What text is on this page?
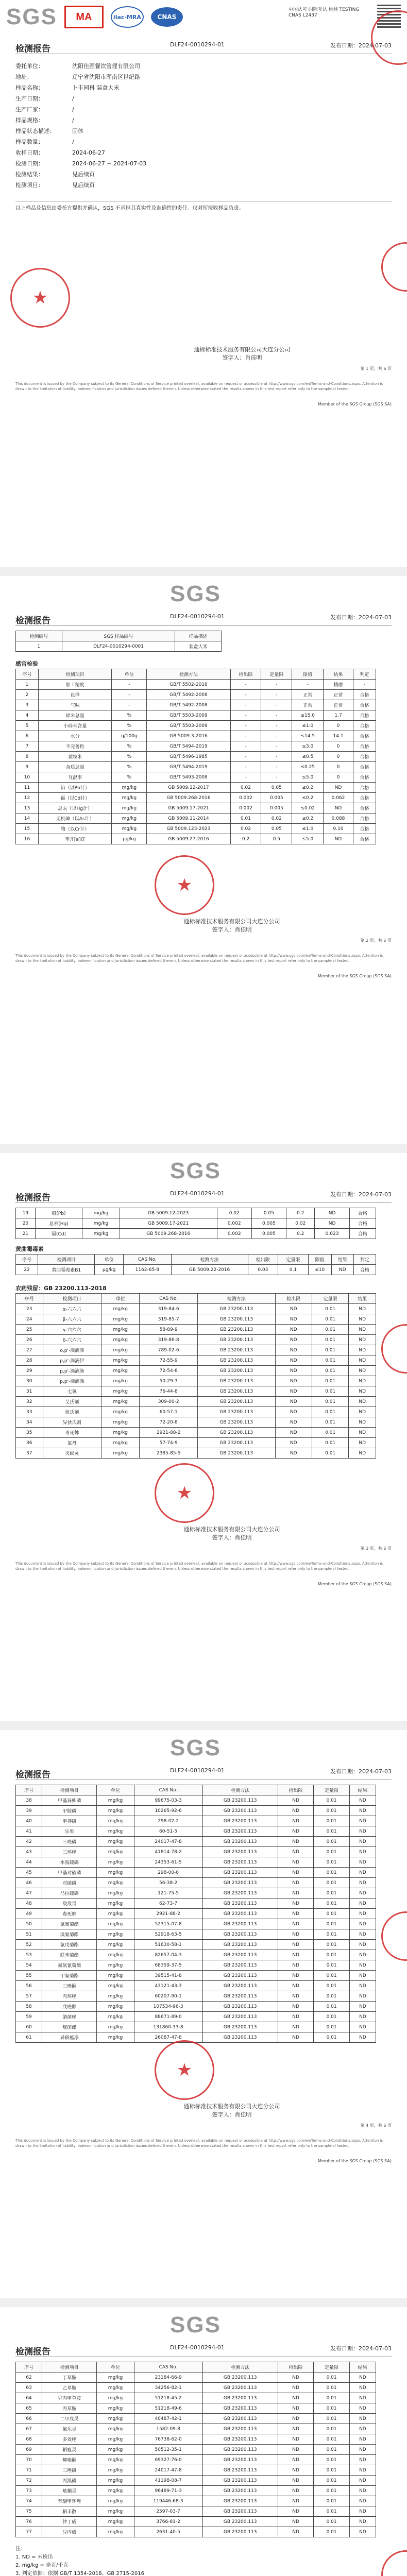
SGS	MA	ilac-MRA	CNAS
中国认可 国际互认 检测 TESTING CNAS L2437
检测报告	DLF24-0010294-01	发布日期：2024-07-03
委托单位：	沈阳佳源餐饮管理有限公司
地址：	辽宁省沈阳市浑南区世纪路
样品名称：	卜丰园科 装盒大米
生产日期：	/
生产厂家：	/
样品规格：	/
样品状态描述：	固体
样品数量：	/
收样日期：	2024-06-27
检测日期：	2024-06-27 ~ 2024-07-03
检测结果：	见后续页
检测项目：	见后续页
以上样品及信息由委托方提供并确认，SGS 不承担其真实性及准确性的责任。仅对所接收样品负责。
★
通标标准技术服务有限公司大连分公司
签字人：肖佳明
第 1 页，共 6 页
This document is issued by the Company subject to its General Conditions of Service printed overleaf, available on request or accessible at http://www.sgs.com/en/Terms-and-Conditions.aspx. Attention is drawn to the limitation of liability, indemnification and jurisdiction issues defined therein. Unless otherwise stated the results shown in this test report refer only to the sample(s) tested.
Member of the SGS Group (SGS SA)
SGS
检测报告	DLF24-0010294-01	发布日期：2024-07-03
检测编号	SGS 样品编号	样品描述
1	DLF24-0010294-0001	装盒大米
感官检验
序号	检测项目	单位	检测方法	检出限	定量限	限值	结果	判定
1	加工精度	-	GB/T 5502-2018	-	-	-	精磨	-
2	色泽	-	GB/T 5492-2008	-	-	正常	正常	合格
3	气味	-	GB/T 5492-2008	-	-	正常	正常	合格
4	碎米总量	%	GB/T 5503-2009	-	-	≤15.0	1.7	合格
5	小碎米含量	%	GB/T 5503-2009	-	-	≤1.0	0	合格
6	水分	g/100g	GB 5009.3-2016	-	-	≤14.5	14.1	合格
7	不完善粒	%	GB/T 5494-2019	-	-	≤3.0	0	合格
8	黄粒米	%	GB/T 5496-1985	-	-	≤0.5	0	合格
9	杂质总量	%	GB/T 5494-2019	-	-	≤0.25	0	合格
10	互混率	%	GB/T 5493-2008	-	-	≤5.0	0	合格
11	铅（以Pb计）	mg/kg	GB 5009.12-2017	0.02	0.05	≤0.2	ND	合格
12	镉（以Cd计）	mg/kg	GB 5009.268-2016	0.002	0.005	≤0.2	0.062	合格
13	总汞（以Hg计）	mg/kg	GB 5009.17-2021	0.002	0.005	≤0.02	ND	合格
14	无机砷（以As计）	mg/kg	GB 5009.11-2014	0.01	0.02	≤0.2	0.088	合格
15	铬（以Cr计）	mg/kg	GB 5009.123-2023	0.02	0.05	≤1.0	0.10	合格
16	苯并[a]芘	μg/kg	GB 5009.27-2016	0.2	0.5	≤5.0	ND	合格
★
通标标准技术服务有限公司大连分公司
签字人：肖佳明
第 2 页，共 6 页
This document is issued by the Company subject to its General Conditions of Service printed overleaf, available on request or accessible at http://www.sgs.com/en/Terms-and-Conditions.aspx. Attention is drawn to the limitation of liability, indemnification and jurisdiction issues defined therein. Unless otherwise stated the results shown in this test report refer only to the sample(s) tested.
Member of the SGS Group (SGS SA)
SGS
检测报告	DLF24-0010294-01	发布日期：2024-07-03
19	铅(Pb)	mg/kg	GB 5009.12-2023	0.02	0.05	0.2	ND	合格
20	总汞(Hg)	mg/kg	GB 5009.17-2021	0.002	0.005	0.02	ND	合格
21	镉(Cd)	mg/kg	GB 5009.268-2016	0.002	0.005	0.2	0.023	合格
黄曲霉毒素
序号	检测项目	单位	CAS No.	检测方法	检出限	定量限	限值	结果	判定
22	黄曲霉毒素B1	μg/kg	1162-65-8	GB 5009.22-2016	0.03	0.1	≤10	ND	合格
农药残留：GB 23200.113-2018
序号	检测项目	单位	CAS No.	检测方法	检出限	定量限	结果
23	α-六六六	mg/kg	319-84-6	GB 23200.113	ND	0.01	ND
24	β-六六六	mg/kg	319-85-7	GB 23200.113	ND	0.01	ND
25	γ-六六六	mg/kg	58-89-9	GB 23200.113	ND	0.01	ND
26	δ-六六六	mg/kg	319-86-8	GB 23200.113	ND	0.01	ND
27	o,p'-滴滴涕	mg/kg	789-02-6	GB 23200.113	ND	0.01	ND
28	p,p'-滴滴伊	mg/kg	72-55-9	GB 23200.113	ND	0.01	ND
29	p,p'-滴滴滴	mg/kg	72-54-8	GB 23200.113	ND	0.01	ND
30	p,p'-滴滴涕	mg/kg	50-29-3	GB 23200.113	ND	0.01	ND
31	七氯	mg/kg	76-44-8	GB 23200.113	ND	0.01	ND
32	艾氏剂	mg/kg	309-00-2	GB 23200.113	ND	0.01	ND
33	狄氏剂	mg/kg	60-57-1	GB 23200.113	ND	0.01	ND
34	异狄氏剂	mg/kg	72-20-8	GB 23200.113	ND	0.01	ND
35	毒死蜱	mg/kg	2921-88-2	GB 23200.113	ND	0.01	ND
36	氯丹	mg/kg	57-74-9	GB 23200.113	ND	0.01	ND
37	灭蚁灵	mg/kg	2385-85-5	GB 23200.113	ND	0.01	ND
★
通标标准技术服务有限公司大连分公司
签字人：肖佳明
第 3 页，共 6 页
This document is issued by the Company subject to its General Conditions of Service printed overleaf, available on request or accessible at http://www.sgs.com/en/Terms-and-Conditions.aspx. Attention is drawn to the limitation of liability, indemnification and jurisdiction issues defined therein. Unless otherwise stated the results shown in this test report refer only to the sample(s) tested.
Member of the SGS Group (SGS SA)
SGS
检测报告	DLF24-0010294-01	发布日期：2024-07-03
序号	检测项目	单位	CAS No.	检测方法	检出限	定量限	结果
38	甲基异柳磷	mg/kg	99675-03-3	GB 23200.113	ND	0.01	ND
39	甲胺磷	mg/kg	10265-92-6	GB 23200.113	ND	0.01	ND
40	甲拌磷	mg/kg	298-02-2	GB 23200.113	ND	0.01	ND
41	乐果	mg/kg	60-51-5	GB 23200.113	ND	0.01	ND
42	三唑磷	mg/kg	24017-47-8	GB 23200.113	ND	0.01	ND
43	三环唑	mg/kg	41814-78-2	GB 23200.113	ND	0.01	ND
44	水胺硫磷	mg/kg	24353-61-5	GB 23200.113	ND	0.01	ND
45	甲基对硫磷	mg/kg	298-00-0	GB 23200.113	ND	0.01	ND
46	对硫磷	mg/kg	56-38-2	GB 23200.113	ND	0.01	ND
47	马拉硫磷	mg/kg	121-75-5	GB 23200.113	ND	0.01	ND
48	敌敌畏	mg/kg	62-73-7	GB 23200.113	ND	0.01	ND
49	毒死蜱	mg/kg	2921-88-2	GB 23200.113	ND	0.01	ND
50	氯氰菊酯	mg/kg	52315-07-8	GB 23200.113	ND	0.01	ND
51	溴氰菊酯	mg/kg	52918-63-5	GB 23200.113	ND	0.01	ND
52	氰戊菊酯	mg/kg	51630-58-1	GB 23200.113	ND	0.01	ND
53	联苯菊酯	mg/kg	82657-04-3	GB 23200.113	ND	0.01	ND
54	氟氯氰菊酯	mg/kg	68359-37-5	GB 23200.113	ND	0.01	ND
55	甲氰菊酯	mg/kg	39515-41-8	GB 23200.113	ND	0.01	ND
56	三唑酮	mg/kg	43121-43-3	GB 23200.113	ND	0.01	ND
57	丙环唑	mg/kg	60207-90-1	GB 23200.113	ND	0.01	ND
58	戊唑醇	mg/kg	107534-96-3	GB 23200.113	ND	0.01	ND
59	腈菌唑	mg/kg	88671-89-0	GB 23200.113	ND	0.01	ND
60	嘧菌酯	mg/kg	131860-33-8	GB 23200.113	ND	0.01	ND
61	异稻瘟净	mg/kg	26087-47-8	GB 23200.113	ND	0.01	ND
★
通标标准技术服务有限公司大连分公司
签字人：肖佳明
第 4 页，共 6 页
This document is issued by the Company subject to its General Conditions of Service printed overleaf, available on request or accessible at http://www.sgs.com/en/Terms-and-Conditions.aspx. Attention is drawn to the limitation of liability, indemnification and jurisdiction issues defined therein. Unless otherwise stated the results shown in this test report refer only to the sample(s) tested.
Member of the SGS Group (SGS SA)
SGS
检测报告	DLF24-0010294-01	发布日期：2024-07-03
序号	检测项目	单位	CAS No.	检测方法	检出限	定量限	结果
62	丁草胺	mg/kg	23184-66-9	GB 23200.113	ND	0.01	ND
63	乙草胺	mg/kg	34256-82-1	GB 23200.113	ND	0.01	ND
64	异丙甲草胺	mg/kg	51218-45-2	GB 23200.113	ND	0.01	ND
65	丙草胺	mg/kg	51218-49-6	GB 23200.113	ND	0.01	ND
66	二甲戊灵	mg/kg	40487-42-1	GB 23200.113	ND	0.01	ND
67	氟乐灵	mg/kg	1582-09-8	GB 23200.113	ND	0.01	ND
68	多效唑	mg/kg	76738-62-0	GB 23200.113	ND	0.01	ND
69	稻瘟灵	mg/kg	50512-35-1	GB 23200.113	ND	0.01	ND
70	噻嗪酮	mg/kg	69327-76-0	GB 23200.113	ND	0.01	ND
71	三唑磷	mg/kg	24017-47-8	GB 23200.113	ND	0.01	ND
72	丙溴磷	mg/kg	41198-08-7	GB 23200.113	ND	0.01	ND
73	哒螨灵	mg/kg	96489-71-3	GB 23200.113	ND	0.01	ND
74	苯醚甲环唑	mg/kg	119446-68-3	GB 23200.113	ND	0.01	ND
75	稻丰散	mg/kg	2597-03-7	GB 23200.113	ND	0.01	ND
76	仲丁威	mg/kg	3766-81-2	GB 23200.113	ND	0.01	ND
77	异丙威	mg/kg	2631-40-5	GB 23200.113	ND	0.01	ND
注：
1. ND = 未检出
2. mg/kg = 毫克/千克
3. 判定依据：依据 GB/T 1354-2018、GB 2715-2016
